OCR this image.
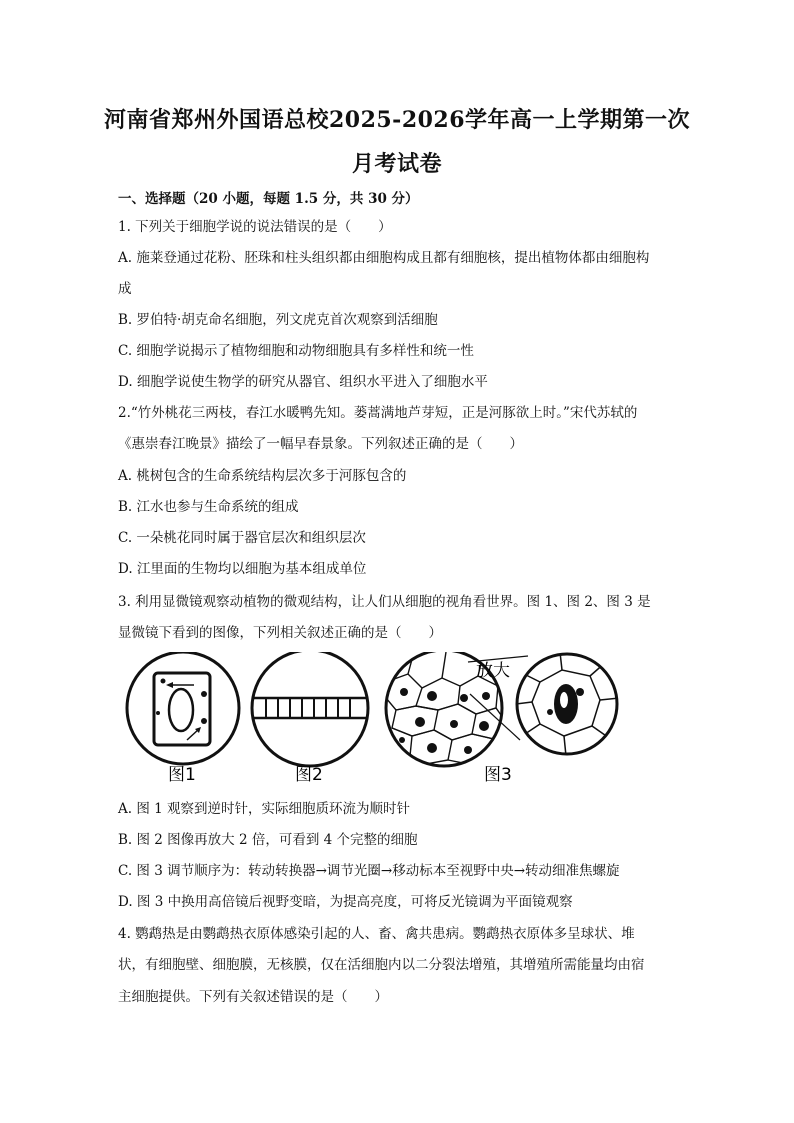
河南省郑州外国语总校2025-2026学年高一上学期第一次
月考试卷
一、选择题（20 小题，每题 1.5 分，共 30 分）
1. 下列关于细胞学说的说法错误的是（　　）
A. 施莱登通过花粉、胚珠和柱头组织都由细胞构成且都有细胞核，提出植物体都由细胞构
成
B. 罗伯特·胡克命名细胞，列文虎克首次观察到活细胞
C. 细胞学说揭示了植物细胞和动物细胞具有多样性和统一性
D. 细胞学说使生物学的研究从器官、组织水平进入了细胞水平
2.“竹外桃花三两枝，春江水暖鸭先知。蒌蒿满地芦芽短，正是河豚欲上时。”宋代苏轼的
《惠崇春江晚景》描绘了一幅早春景象。下列叙述正确的是（　　）
A. 桃树包含的生命系统结构层次多于河豚包含的
B. 江水也参与生命系统的组成
C. 一朵桃花同时属于器官层次和组织层次
D. 江里面的生物均以细胞为基本组成单位
3. 利用显微镜观察动植物的微观结构，让人们从细胞的视角看世界。图 1、图 2、图 3 是
显微镜下看到的图像，下列相关叙述正确的是（　　）
放大
图1	图2	图3
A. 图 1 观察到逆时针，实际细胞质环流为顺时针
B. 图 2 图像再放大 2 倍，可看到 4 个完整的细胞
C. 图 3 调节顺序为：转动转换器→调节光圈→移动标本至视野中央→转动细准焦螺旋
D. 图 3 中换用高倍镜后视野变暗，为提高亮度，可将反光镜调为平面镜观察
4. 鹦鹉热是由鹦鹉热衣原体感染引起的人、畜、禽共患病。鹦鹉热衣原体多呈球状、堆
状，有细胞壁、细胞膜，无核膜，仅在活细胞内以二分裂法增殖，其增殖所需能量均由宿
主细胞提供。下列有关叙述错误的是（　　）
